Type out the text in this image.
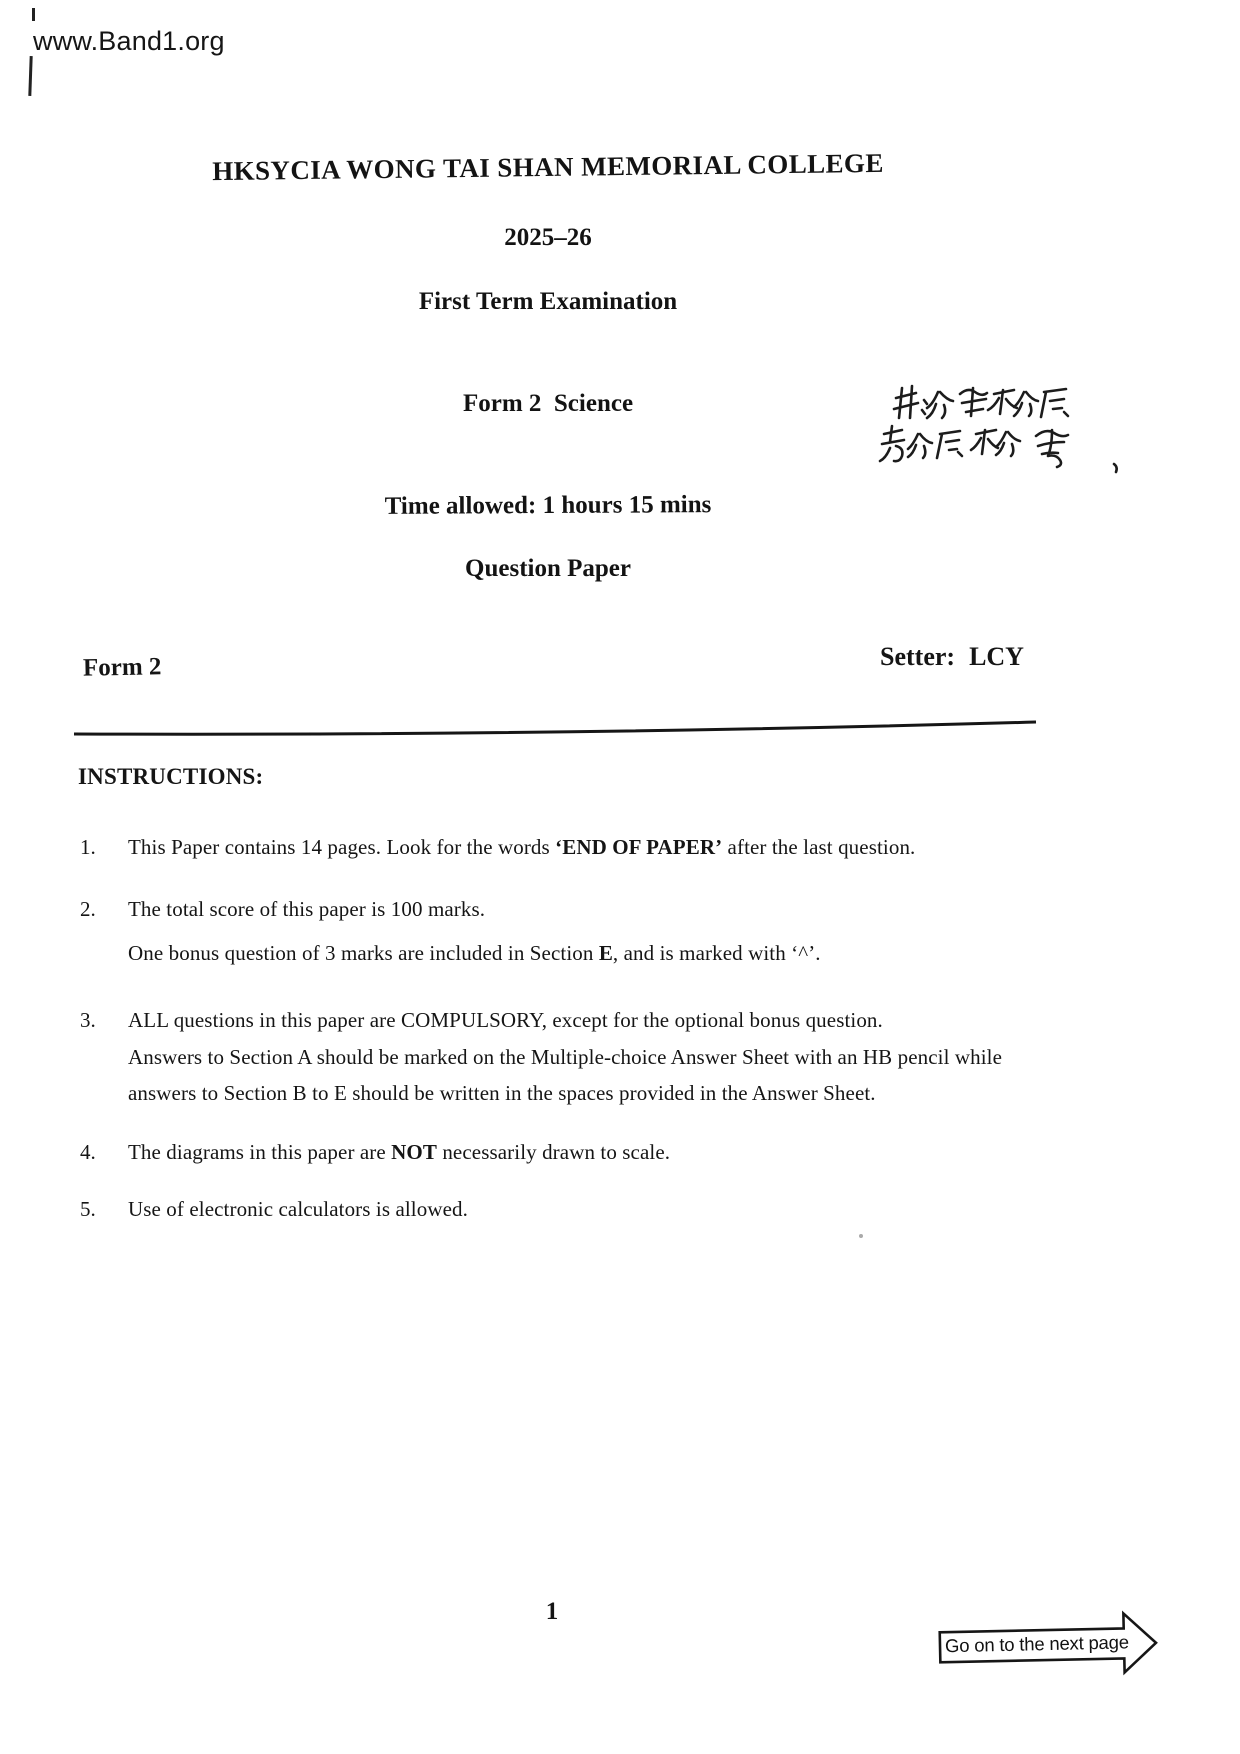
www.Band1.org
HKSYCIA WONG TAI SHAN MEMORIAL COLLEGE
2025–26
First Term Examination
Form 2  Science
Time allowed: 1 hours 15 mins
Question Paper
Form 2	Setter: LCY
INSTRUCTIONS:
1. This Paper contains 14 pages. Look for the words ‘END OF PAPER’ after the last question.
2. The total score of this paper is 100 marks.
One bonus question of 3 marks are included in Section E, and is marked with ‘^’.
3. ALL questions in this paper are COMPULSORY, except for the optional bonus question.
Answers to Section A should be marked on the Multiple-choice Answer Sheet with an HB pencil while
answers to Section B to E should be written in the spaces provided in the Answer Sheet.
4. The diagrams in this paper are NOT necessarily drawn to scale.
5. Use of electronic calculators is allowed.
1
Go on to the next page
